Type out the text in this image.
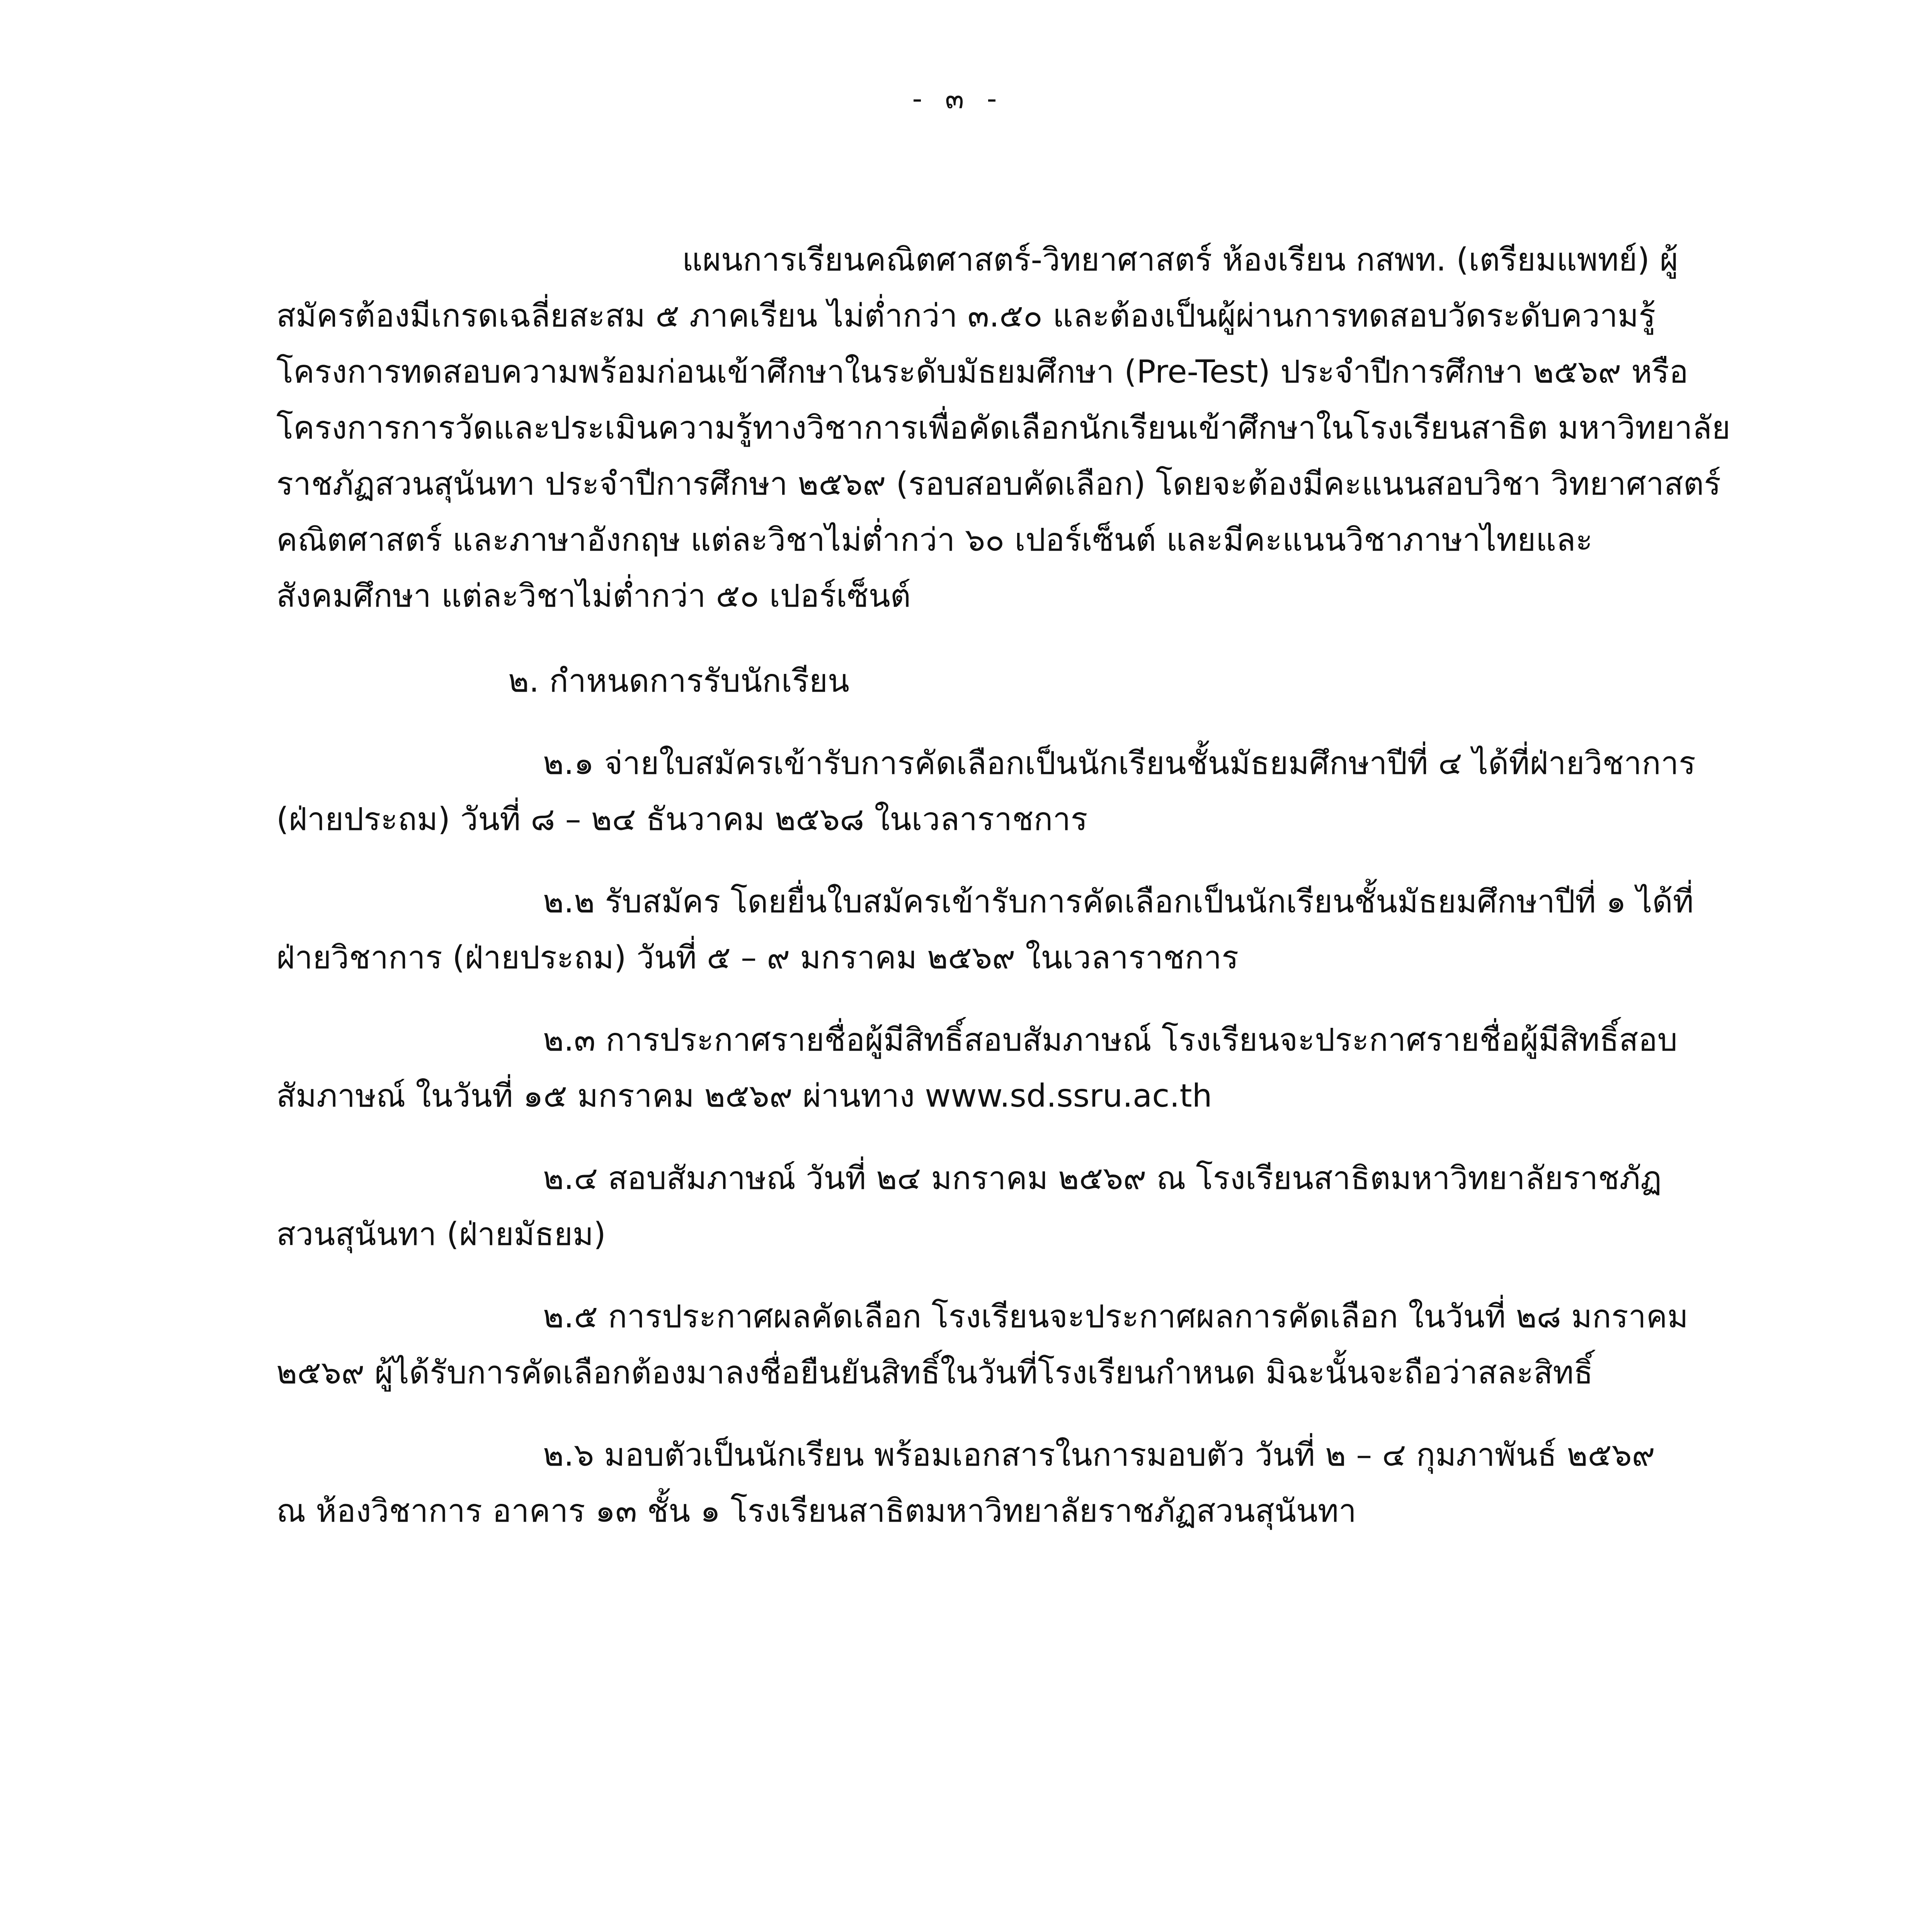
- ๓ -
แผนการเรียนคณิตศาสตร์-วิทยาศาสตร์ ห้องเรียน กสพท. (เตรียมแพทย์) ผู้
สมัครต้องมีเกรดเฉลี่ยสะสม ๕ ภาคเรียน ไม่ต่ำกว่า ๓.๕๐ และต้องเป็นผู้ผ่านการทดสอบวัดระดับความรู้
โครงการทดสอบความพร้อมก่อนเข้าศึกษาในระดับมัธยมศึกษา (Pre-Test) ประจำปีการศึกษา ๒๕๖๙ หรือ
โครงการการวัดและประเมินความรู้ทางวิชาการเพื่อคัดเลือกนักเรียนเข้าศึกษาในโรงเรียนสาธิต มหาวิทยาลัย
ราชภัฏสวนสุนันทา ประจำปีการศึกษา ๒๕๖๙ (รอบสอบคัดเลือก) โดยจะต้องมีคะแนนสอบวิชา วิทยาศาสตร์
คณิตศาสตร์ และภาษาอังกฤษ แต่ละวิชาไม่ต่ำกว่า ๖๐ เปอร์เซ็นต์ และมีคะแนนวิชาภาษาไทยและ
สังคมศึกษา แต่ละวิชาไม่ต่ำกว่า ๕๐ เปอร์เซ็นต์
๒. กำหนดการรับนักเรียน
๒.๑ จ่ายใบสมัครเข้ารับการคัดเลือกเป็นนักเรียนชั้นมัธยมศึกษาปีที่ ๔ ได้ที่ฝ่ายวิชาการ
(ฝ่ายประถม) วันที่ ๘ – ๒๔ ธันวาคม ๒๕๖๘ ในเวลาราชการ
๒.๒ รับสมัคร โดยยื่นใบสมัครเข้ารับการคัดเลือกเป็นนักเรียนชั้นมัธยมศึกษาปีที่ ๑ ได้ที่
ฝ่ายวิชาการ (ฝ่ายประถม) วันที่ ๕ – ๙ มกราคม ๒๕๖๙ ในเวลาราชการ
๒.๓ การประกาศรายชื่อผู้มีสิทธิ์สอบสัมภาษณ์ โรงเรียนจะประกาศรายชื่อผู้มีสิทธิ์สอบ
สัมภาษณ์ ในวันที่ ๑๕ มกราคม ๒๕๖๙ ผ่านทาง www.sd.ssru.ac.th
๒.๔ สอบสัมภาษณ์ วันที่ ๒๔ มกราคม ๒๕๖๙ ณ โรงเรียนสาธิตมหาวิทยาลัยราชภัฏ
สวนสุนันทา (ฝ่ายมัธยม)
๒.๕ การประกาศผลคัดเลือก โรงเรียนจะประกาศผลการคัดเลือก ในวันที่ ๒๘ มกราคม
๒๕๖๙ ผู้ได้รับการคัดเลือกต้องมาลงชื่อยืนยันสิทธิ์ในวันที่โรงเรียนกำหนด มิฉะนั้นจะถือว่าสละสิทธิ์
๒.๖ มอบตัวเป็นนักเรียน พร้อมเอกสารในการมอบตัว วันที่ ๒ – ๔ กุมภาพันธ์ ๒๕๖๙
ณ ห้องวิชาการ อาคาร ๑๓ ชั้น ๑ โรงเรียนสาธิตมหาวิทยาลัยราชภัฏสวนสุนันทา
